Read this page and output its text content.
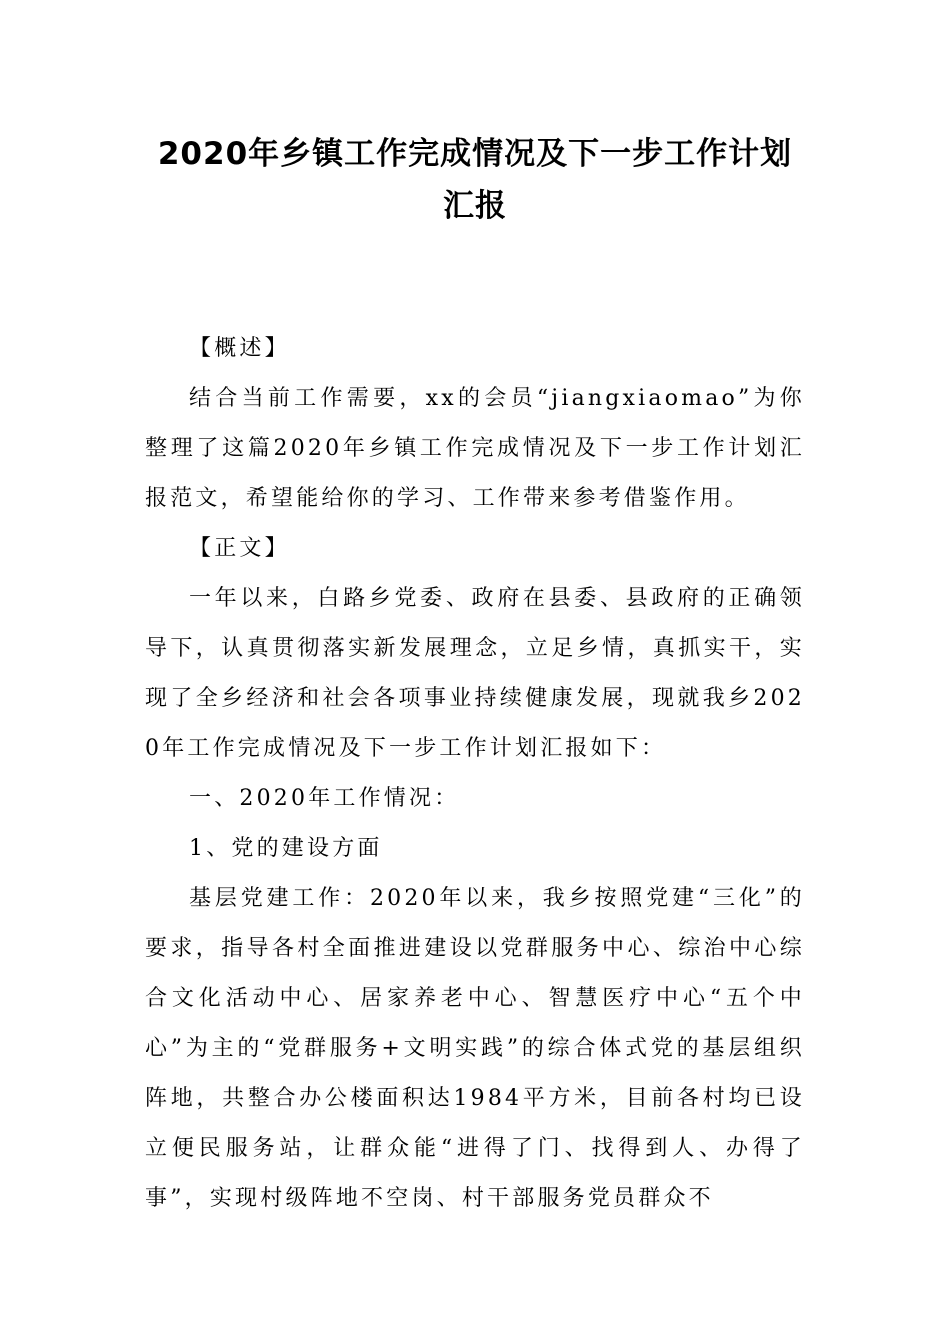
2020年乡镇工作完成情况及下一步工作计划汇报

【概述】

结合当前工作需要，xx的会员“jiangxiaomao”为你整理了这篇2020年乡镇工作完成情况及下一步工作计划汇报范文，希望能给你的学习、工作带来参考借鉴作用。

【正文】

一年以来，白路乡党委、政府在县委、县政府的正确领导下，认真贯彻落实新发展理念，立足乡情，真抓实干，实现了全乡经济和社会各项事业持续健康发展，现就我乡2020年工作完成情况及下一步工作计划汇报如下：

一、2020年工作情况：

1、党的建设方面

基层党建工作：2020年以来，我乡按照党建“三化”的要求，指导各村全面推进建设以党群服务中心、综治中心综合文化活动中心、居家养老中心、智慧医疗中心“五个中心”为主的“党群服务+文明实践”的综合体式党的基层组织阵地，共整合办公楼面积达1984平方米，目前各村均已设立便民服务站，让群众能“进得了门、找得到人、办得了事”，实现村级阵地不空岗、村干部服务党员群众不
